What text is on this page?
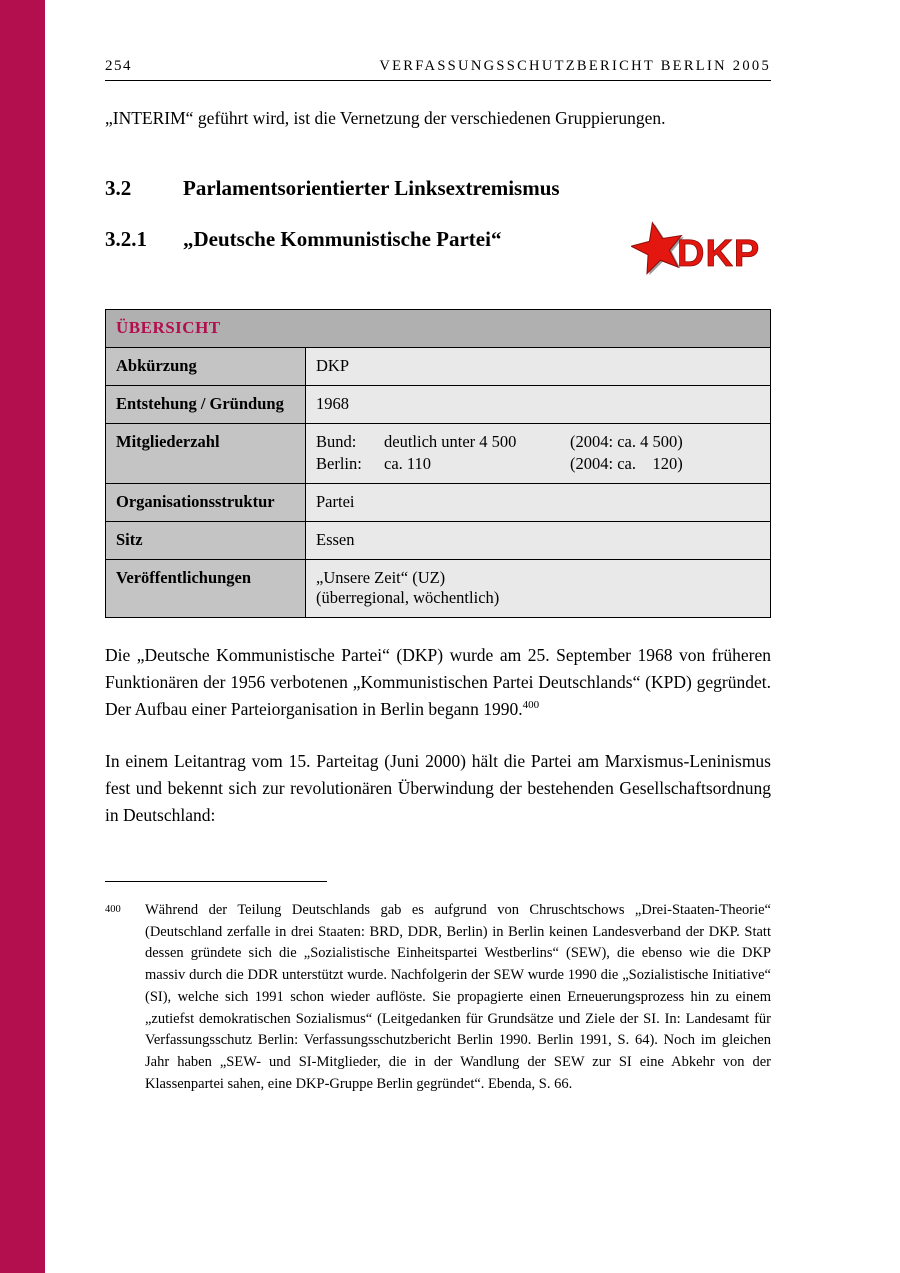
254	VERFASSUNGSSCHUTZBERICHT BERLIN 2005

„INTERIM“ geführt wird, ist die Vernetzung der verschiedenen Gruppierungen.

3.2	Parlamentsorientierter Linksextremismus
3.2.1	„Deutsche Kommunistische Partei“	DKP
ÜBERSICHT	
Abkürzung	DKP
Entstehung / Gründung	1968
Mitgliederzahl	Bund:	deutlich unter 4 500	(2004: ca. 4 500)
Berlin:	ca. 110	(2004: ca.    120)

Organisationsstruktur	Partei
Sitz	Essen
Veröffentlichungen	„Unsere Zeit“ (UZ)
(überregional, wöchentlich)

Die „Deutsche Kommunistische Partei“ (DKP) wurde am 25. September 1968 von früheren Funktionären der 1956 verbotenen „Kommunistischen Partei Deutschlands“ (KPD) gegründet. Der Aufbau einer Parteiorganisation in Berlin begann 1990.$^{400}$

In einem Leitantrag vom 15. Parteitag (Juni 2000) hält die Partei am Marxismus-Leninismus fest und bekennt sich zur revolutionären Überwindung der bestehenden Gesellschaftsordnung in Deutschland:

400	Während der Teilung Deutschlands gab es aufgrund von Chruschtschows „Drei-Staaten-Theorie“ (Deutschland zerfalle in drei Staaten: BRD, DDR, Berlin) in Berlin keinen Landesverband der DKP. Statt dessen gründete sich die „Sozialistische Einheitspartei Westberlins“ (SEW), die ebenso wie die DKP massiv durch die DDR unterstützt wurde. Nachfolgerin der SEW wurde 1990 die „Sozialistische Initiative“ (SI), welche sich 1991 schon wieder auflöste. Sie propagierte einen Erneuerungsprozess hin zu einem „zutiefst demokratischen Sozialismus“ (Leitgedanken für Grundsätze und Ziele der SI. In: Landesamt für Verfassungsschutz Berlin: Verfassungsschutzbericht Berlin 1990. Berlin 1991, S. 64). Noch im gleichen Jahr haben „SEW- und SI-Mitglieder, die in der Wandlung der SEW zur SI eine Abkehr von der Klassenpartei sahen, eine DKP-Gruppe Berlin gegründet“. Ebenda, S. 66.
